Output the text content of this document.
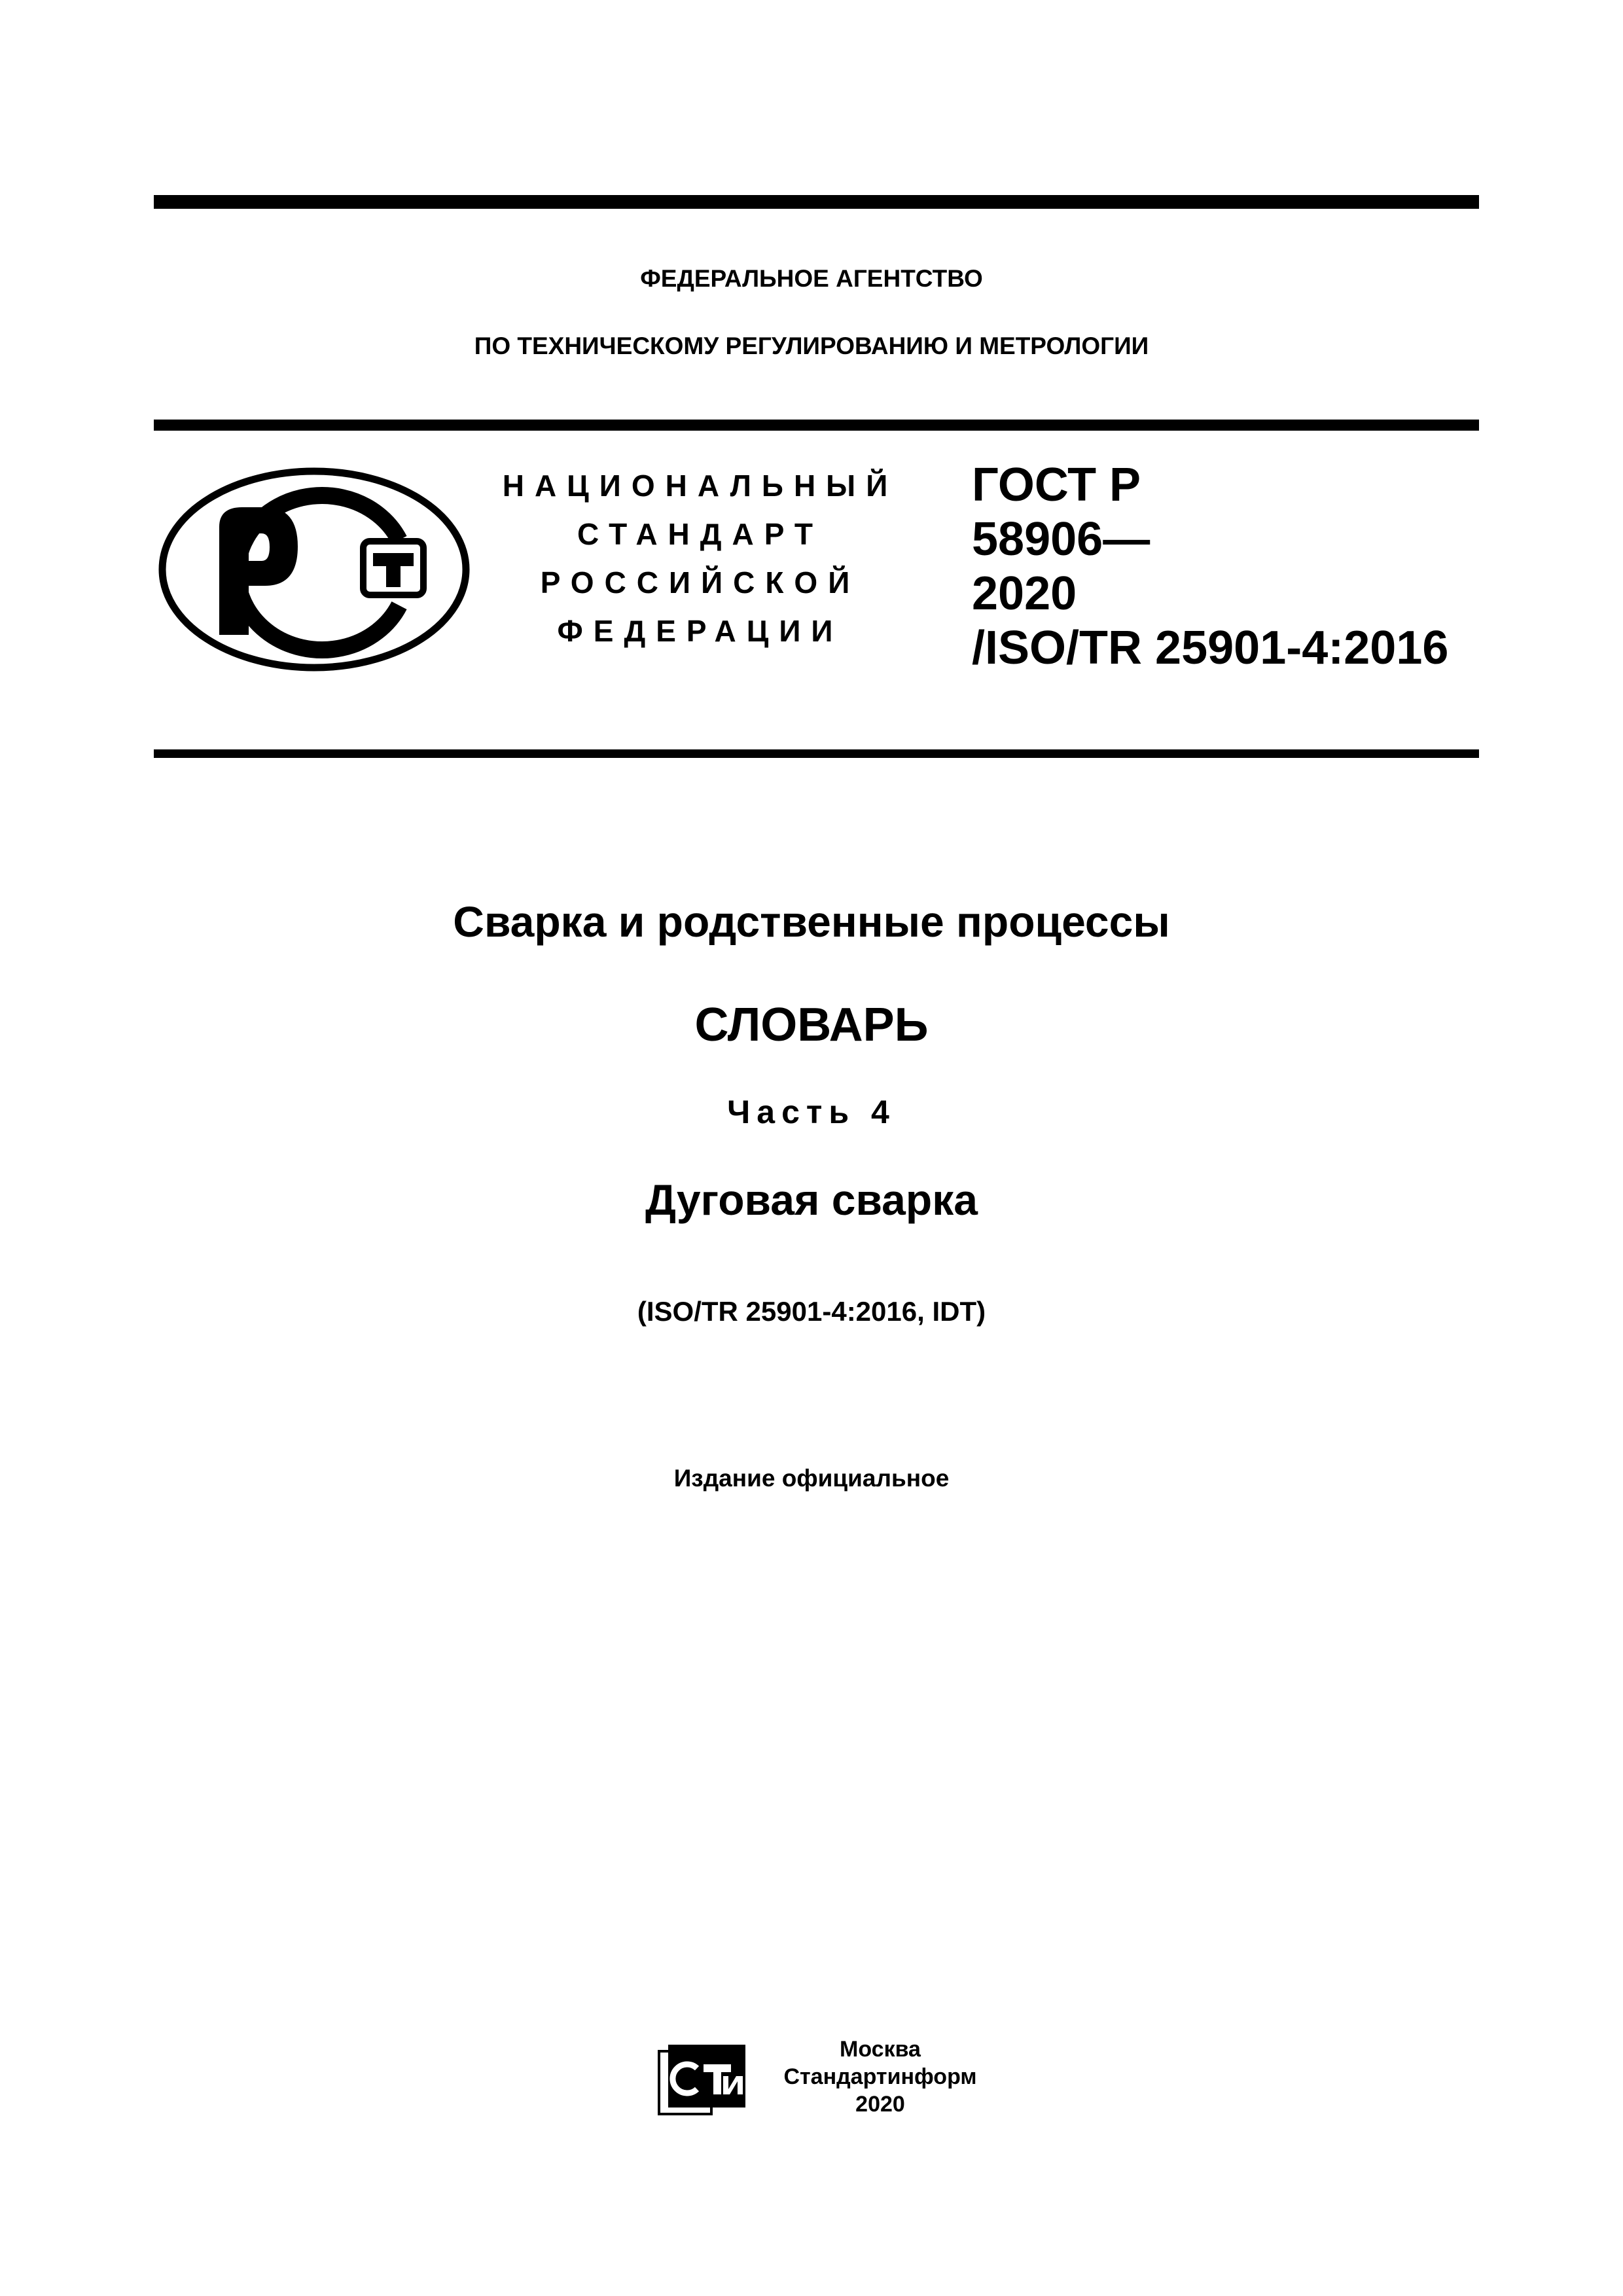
ФЕДЕРАЛЬНОЕ АГЕНТСТВО
ПО ТЕХНИЧЕСКОМУ РЕГУЛИРОВАНИЮ И МЕТРОЛОГИИ
НАЦИОНАЛЬНЫЙ
СТАНДАРТ
РОССИЙСКОЙ
ФЕДЕРАЦИИ
ГОСТ Р
58906—
2020
/ISO/TR 25901-4:2016
Сварка и родственные процессы
СЛОВАРЬ
Часть 4
Дуговая сварка
(ISO/TR 25901-4:2016, IDT)
Издание официальное
Москва
Стандартинформ
2020
